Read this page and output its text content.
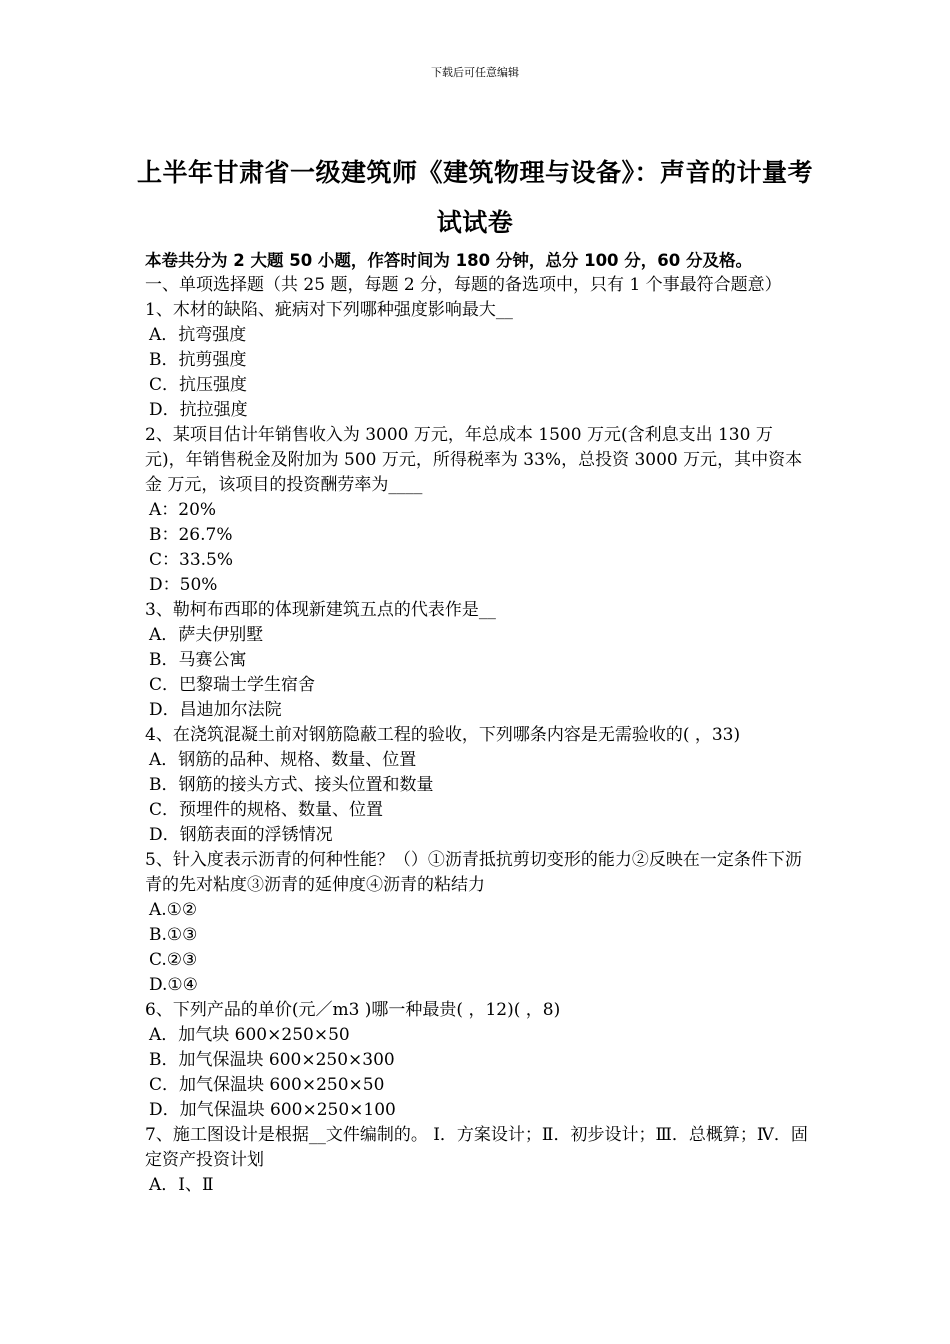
下载后可任意编辑
上半年甘肃省一级建筑师《建筑物理与设备》：声音的计量考试试卷
本卷共分为 2 大题 50 小题，作答时间为 180 分钟，总分 100 分，60 分及格。
一、单项选择题（共 25 题，每题 2 分，每题的备选项中，只有 1 个事最符合题意）
1、木材的缺陷、疵病对下列哪种强度影响最大__
A．抗弯强度
B．抗剪强度
C．抗压强度
D．抗拉强度
2、某项目估计年销售收入为 3000 万元，年总成本 1500 万元(含利息支出 130 万元)，年销售税金及附加为 500 万元，所得税率为 33%，总投资 3000 万元，其中资本金 万元，该项目的投资酬劳率为____
A：20%
B：26.7%
C：33.5%
D：50%
3、勒柯布西耶的体现新建筑五点的代表作是__
A．萨夫伊别墅
B．马赛公寓
C．巴黎瑞士学生宿舍
D．昌迪加尔法院
4、在浇筑混凝土前对钢筋隐蔽工程的验收，下列哪条内容是无需验收的( ，33)
A．钢筋的品种、规格、数量、位置
B．钢筋的接头方式、接头位置和数量
C．预埋件的规格、数量、位置
D．钢筋表面的浮锈情况
5、针入度表示沥青的何种性能？（）①沥青抵抗剪切变形的能力②反映在一定条件下沥青的先对粘度③沥青的延伸度④沥青的粘结力
A.①②
B.①③
C.②③
D.①④
6、下列产品的单价(元／m3 )哪一种最贵( ，12)( ，8)
A．加气块 600×250×50
B．加气保温块 600×250×300
C．加气保温块 600×250×50
D．加气保温块 600×250×100
7、施工图设计是根据__文件编制的。 Ⅰ．方案设计；Ⅱ．初步设计；Ⅲ．总概算；Ⅳ．固定资产投资计划
A．Ⅰ、Ⅱ
